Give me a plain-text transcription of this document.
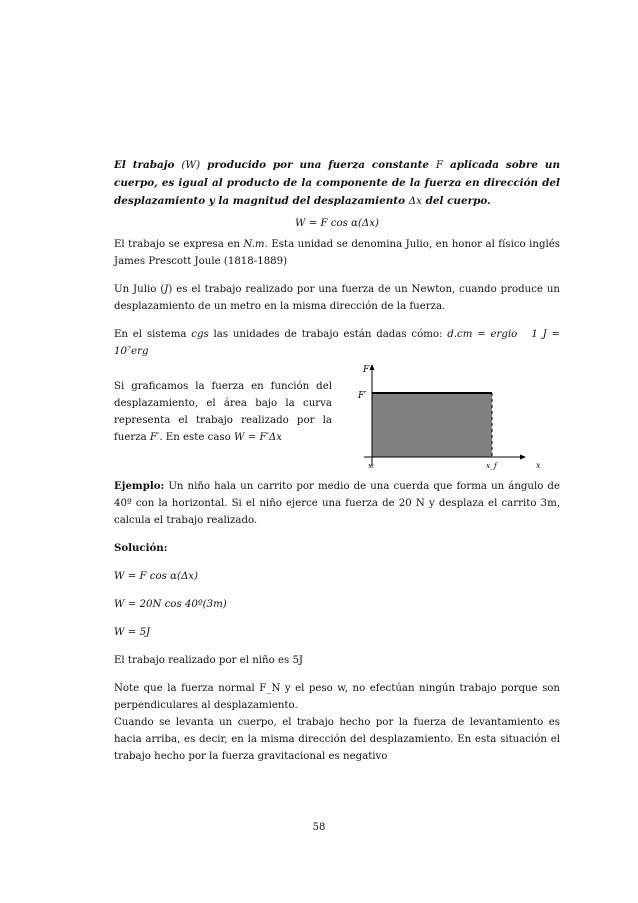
El trabajo (W) producido por una fuerza constante F aplicada sobre un cuerpo, es igual al producto de la componente de la fuerza en dirección del desplazamiento y la magnitud del desplazamiento Δx del cuerpo.

W = F cos α(Δx)

El trabajo se expresa en N.m. Esta unidad se denomina Julio, en honor al físico inglés James Prescott Joule (1818-1889)

Un Julio (J) es el trabajo realizado por una fuerza de un Newton, cuando produce un desplazamiento de un metro en la misma dirección de la fuerza.

En el sistema cgs las unidades de trabajo están dadas cómo: d.cm = ergio 1 J = 10⁷erg

Si graficamos la fuerza en función del desplazamiento, el área bajo la curva representa el trabajo realizado por la fuerza F′. En este caso W = F′Δx

F
F′
xᵢ	x_f	x

Ejemplo: Un niño hala un carrito por medio de una cuerda que forma un ángulo de 40º con la horizontal. Si el niño ejerce una fuerza de 20 N y desplaza el carrito 3m, calcula el trabajo realizado.

Solución:

W = F cos α(Δx)

W = 20N cos 40º(3m)

W = 5J

El trabajo realizado por el niño es 5J

Note que la fuerza normal F_N y el peso w, no efectúan ningún trabajo porque son perpendiculares al desplazamiento.

Cuando se levanta un cuerpo, el trabajo hecho por la fuerza de levantamiento es hacia arriba, es decir, en la misma dirección del desplazamiento. En esta situación el trabajo hecho por la fuerza gravitacional es negativo

58
